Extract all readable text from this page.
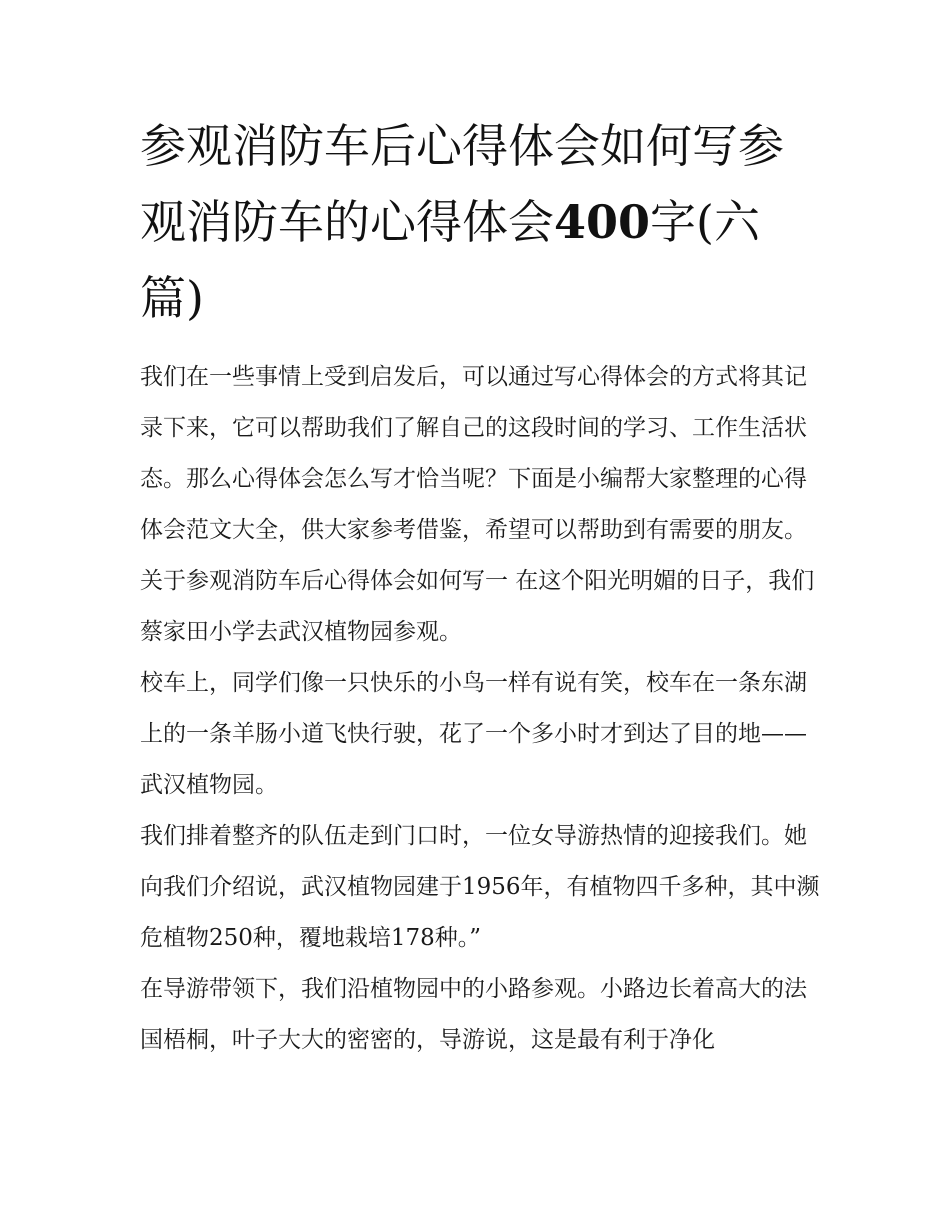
参观消防车后心得体会如何写参观消防车的心得体会400字(六篇)

我们在一些事情上受到启发后，可以通过写心得体会的方式将其记录下来，它可以帮助我们了解自己的这段时间的学习、工作生活状态。那么心得体会怎么写才恰当呢？下面是小编帮大家整理的心得体会范文大全，供大家参考借鉴，希望可以帮助到有需要的朋友。

关于参观消防车后心得体会如何写一 在这个阳光明媚的日子，我们蔡家田小学去武汉植物园参观。

校车上，同学们像一只快乐的小鸟一样有说有笑，校车在一条东湖上的一条羊肠小道飞快行驶，花了一个多小时才到达了目的地——武汉植物园。

我们排着整齐的队伍走到门口时，一位女导游热情的迎接我们。她向我们介绍说，武汉植物园建于1956年，有植物四千多种，其中濒危植物250种，覆地栽培178种。”

在导游带领下，我们沿植物园中的小路参观。小路边长着高大的法国梧桐，叶子大大的密密的，导游说，这是最有利于净化
